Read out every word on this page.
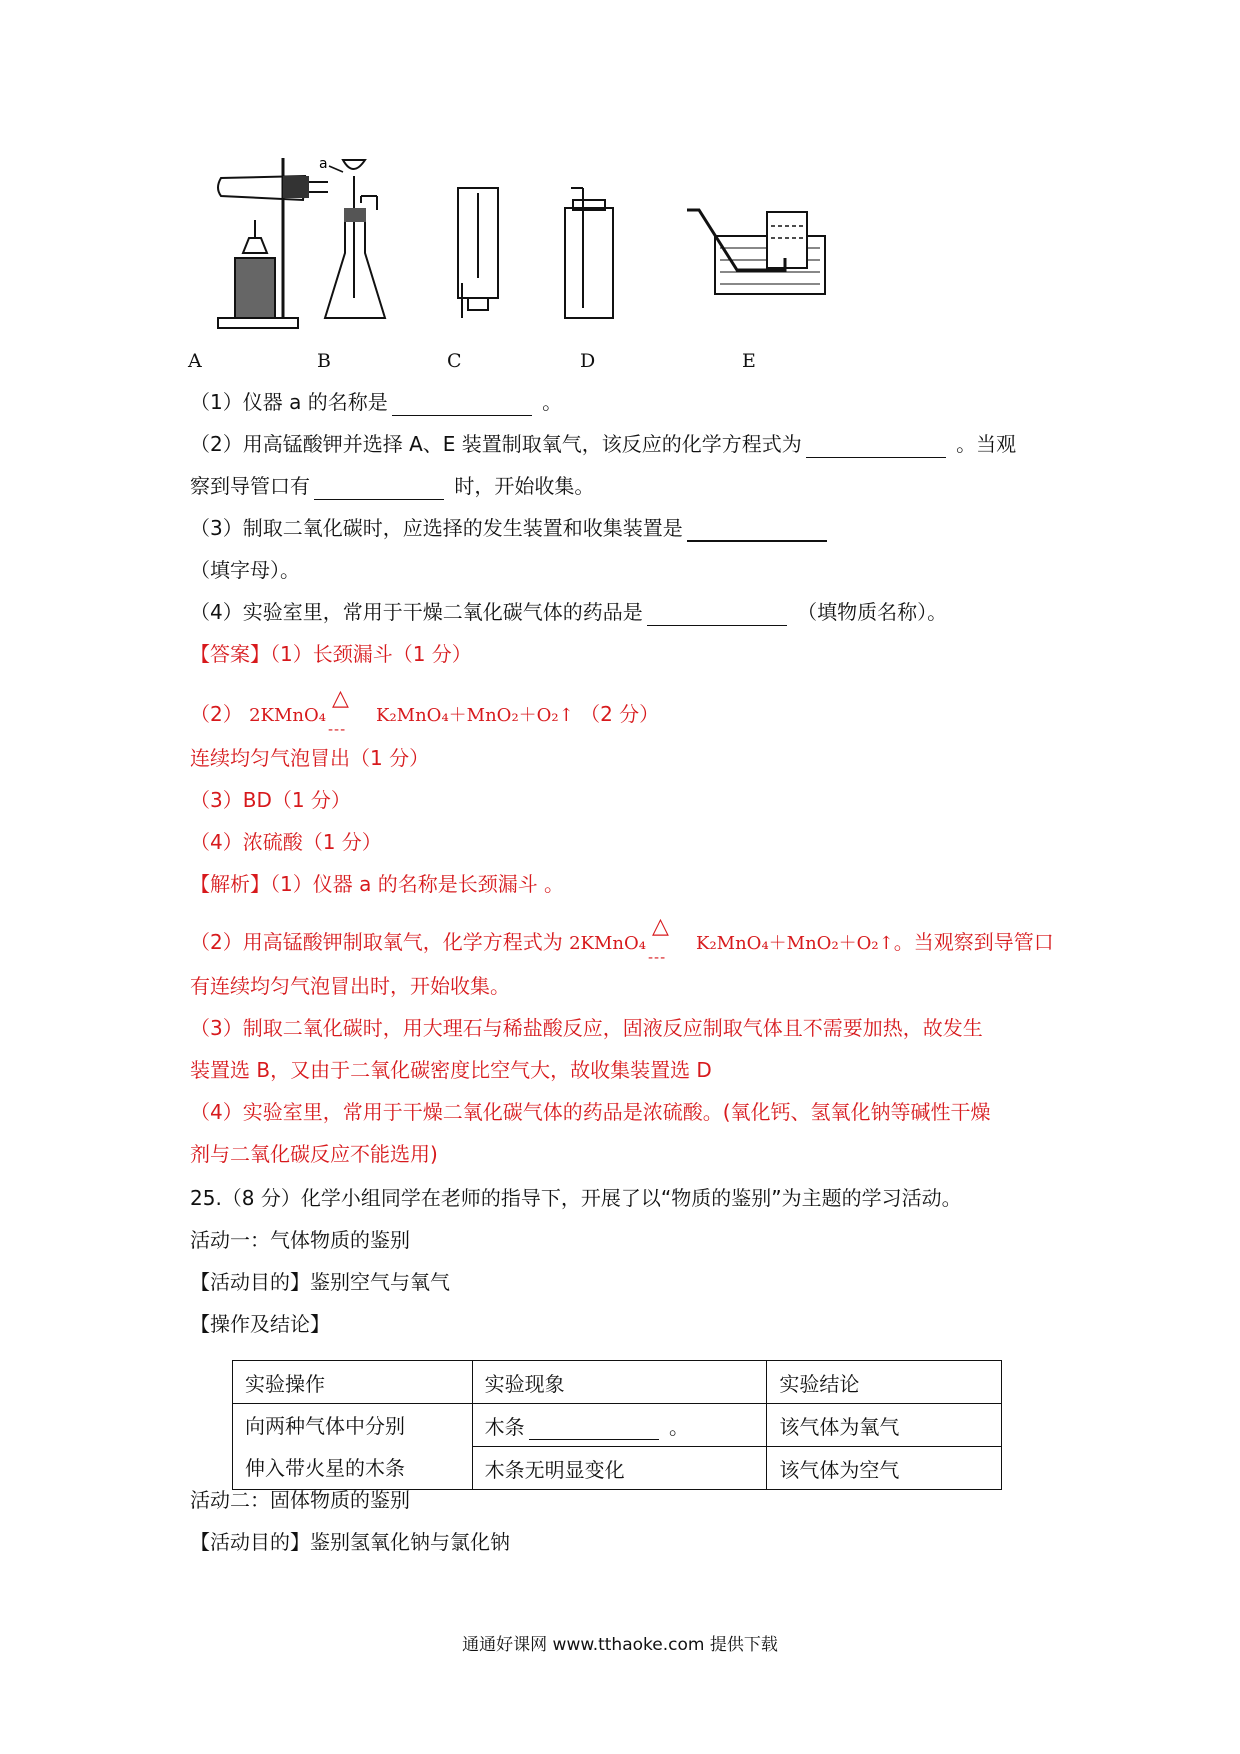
a
A	B	C	D	E
（1）仪器 a 的名称是	。
（2）用高锰酸钾并选择 A、E 装置制取氧气，该反应的化学方程式为	。当观
察到导管口有	时，开始收集。
（3）制取二氧化碳时，应选择的发生装置和收集装置是
（填字母）。
（4）实验室里，常用于干燥二氧化碳气体的药品是	（填物质名称）。
【答案】（1）长颈漏斗（1 分）
（2） 2KMnO₄
△
---
K₂MnO₄＋MnO₂＋O₂↑ （2 分）
连续均匀气泡冒出（1 分）
（3）BD（1 分）
（4）浓硫酸（1 分）
【解析】（1）仪器 a 的名称是长颈漏斗 。
（2）用高锰酸钾制取氧气，化学方程式为 2KMnO₄
△
---
K₂MnO₄＋MnO₂＋O₂↑。当观察到导管口
有连续均匀气泡冒出时，开始收集。
（3）制取二氧化碳时，用大理石与稀盐酸反应，固液反应制取气体且不需要加热，故发生
装置选 B，又由于二氧化碳密度比空气大，故收集装置选 D
（4）实验室里，常用于干燥二氧化碳气体的药品是浓硫酸。(氧化钙、氢氧化钠等碱性干燥
剂与二氧化碳反应不能选用)
25.（8 分）化学小组同学在老师的指导下，开展了以“物质的鉴别”为主题的学习活动。
活动一：气体物质的鉴别
【活动目的】鉴别空气与氧气
【操作及结论】
实验操作	实验现象	实验结论

向两种气体中分别
伸入带火星的木条	木条 。	该气体为氧气
	木条无明显变化	该气体为空气
活动二：固体物质的鉴别
【活动目的】鉴别氢氧化钠与氯化钠
通通好课网 www.tthaoke.com 提供下载
